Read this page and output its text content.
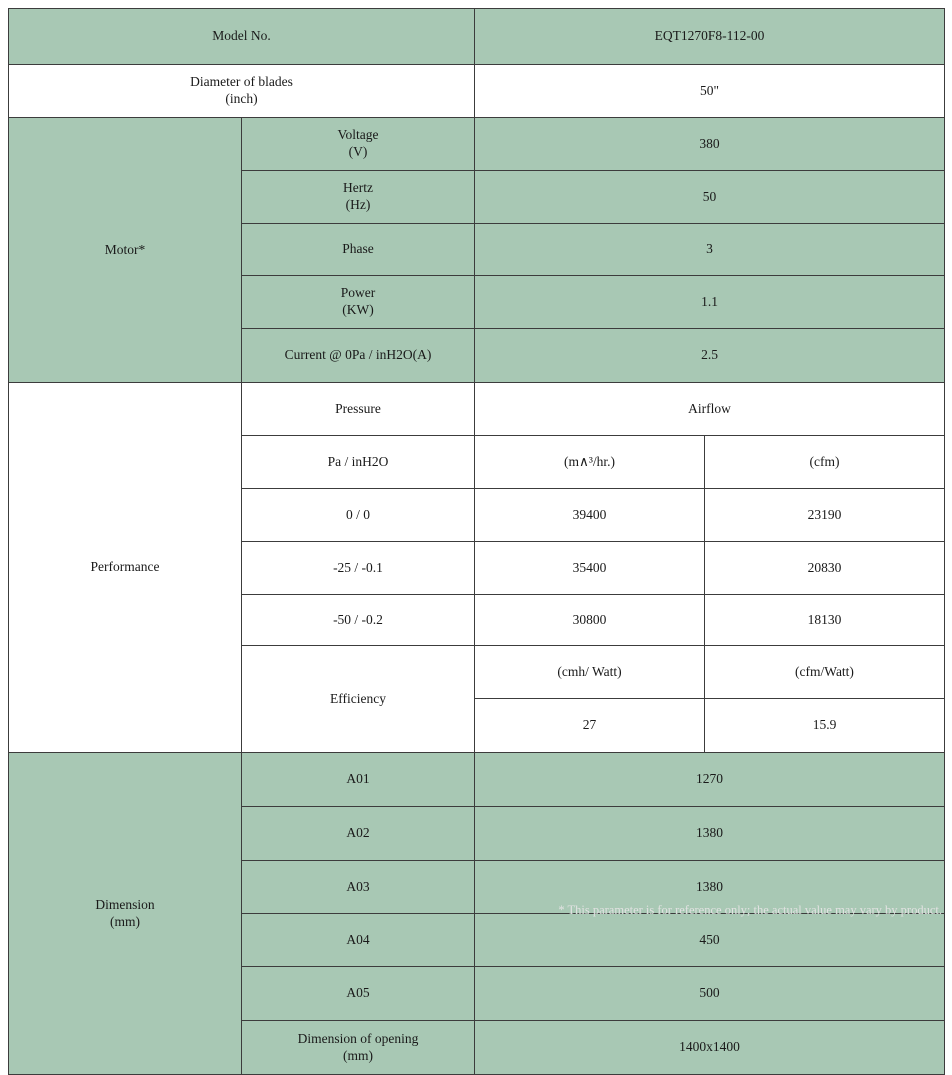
Model No.		EQT1270F8-112-00	

Diameter of blades
(inch)		50"	
Motor*	Voltage
(V)	380	

	Hertz
(Hz)	50	
	Phase	3	

	Power
(KW)	1.1	
	Current @ 0Pa / inH2O(A)	2.5	
Performance	Pressure	Airflow	
	Pa / inH2O	(m∧³/hr.)	(cfm)
	0 / 0	39400	23190
	-25 / -0.1	35400	20830
	-50 / -0.2	30800	18130
	Efficiency	(cmh/ Watt)	(cfm/Watt)
		27	15.9

Dimension
(mm)	A01	1270	
	A02	1380	
	A03	1380	
	A04	450	
	A05	500	

	Dimension of opening
(mm)	1400x1400	
* This parameter is for reference only; the actual value may vary by product.
